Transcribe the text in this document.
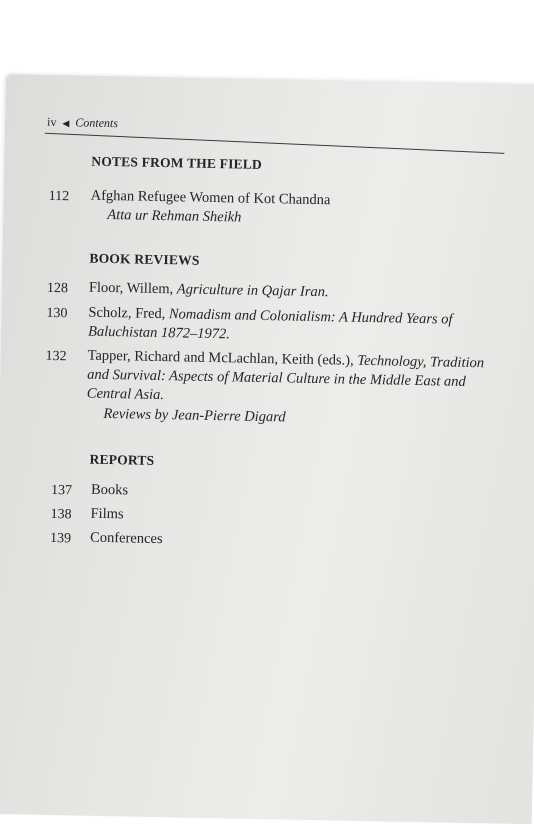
iv ◀ Contents
NOTES FROM THE FIELD
112 Afghan Refugee Women of Kot Chandna
Atta ur Rehman Sheikh
BOOK REVIEWS
128 Floor, Willem, Agriculture in Qajar Iran.
130 Scholz, Fred, Nomadism and Colonialism: A Hundred Years of
Baluchistan 1872–1972.
132 Tapper, Richard and McLachlan, Keith (eds.), Technology, Tradition
and Survival: Aspects of Material Culture in the Middle East and
Central Asia.
Reviews by Jean-Pierre Digard
REPORTS
137 Books
138 Films
139 Conferences
